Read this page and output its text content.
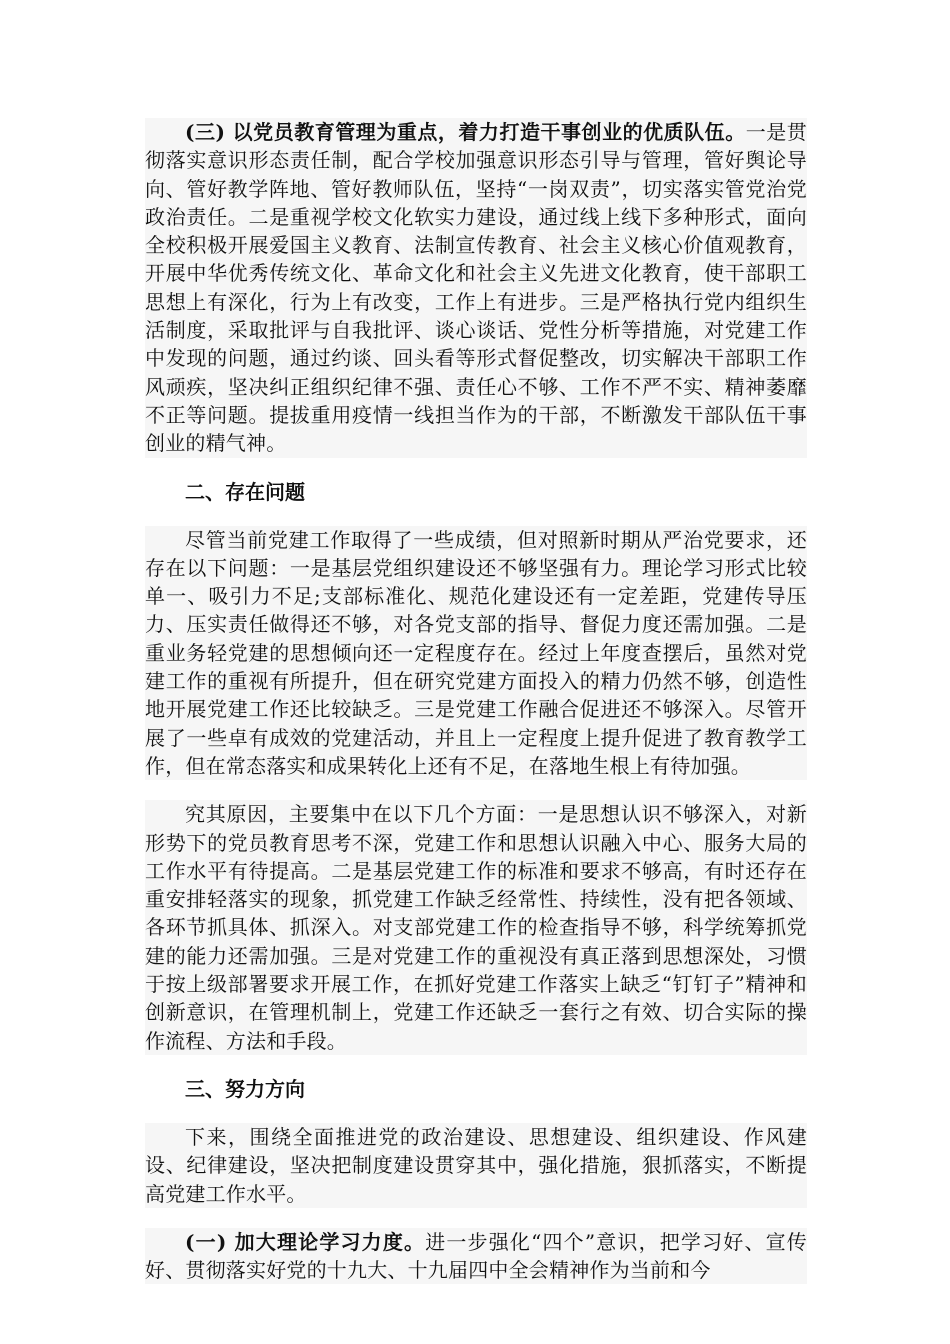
(三) 以党员教育管理为重点，着力打造干事创业的优质队伍。一是贯彻落实意识形态责任制，配合学校加强意识形态引导与管理，管好舆论导向、管好教学阵地、管好教师队伍，坚持“一岗双责”，切实落实管党治党政治责任。二是重视学校文化软实力建设，通过线上线下多种形式，面向全校积极开展爱国主义教育、法制宣传教育、社会主义核心价值观教育，开展中华优秀传统文化、革命文化和社会主义先进文化教育，使干部职工思想上有深化，行为上有改变，工作上有进步。三是严格执行党内组织生活制度，采取批评与自我批评、谈心谈话、党性分析等措施，对党建工作中发现的问题，通过约谈、回头看等形式督促整改，切实解决干部职工作风顽疾，坚决纠正组织纪律不强、责任心不够、工作不严不实、精神萎靡不正等问题。提拔重用疫情一线担当作为的干部，不断激发干部队伍干事创业的精气神。

二、存在问题

尽管当前党建工作取得了一些成绩，但对照新时期从严治党要求，还存在以下问题：一是基层党组织建设还不够坚强有力。理论学习形式比较单一、吸引力不足;支部标准化、规范化建设还有一定差距，党建传导压力、压实责任做得还不够，对各党支部的指导、督促力度还需加强。二是重业务轻党建的思想倾向还一定程度存在。经过上年度查摆后，虽然对党建工作的重视有所提升，但在研究党建方面投入的精力仍然不够，创造性地开展党建工作还比较缺乏。三是党建工作融合促进还不够深入。尽管开展了一些卓有成效的党建活动，并且上一定程度上提升促进了教育教学工作，但在常态落实和成果转化上还有不足，在落地生根上有待加强。

究其原因，主要集中在以下几个方面：一是思想认识不够深入，对新形势下的党员教育思考不深，党建工作和思想认识融入中心、服务大局的工作水平有待提高。二是基层党建工作的标准和要求不够高，有时还存在重安排轻落实的现象，抓党建工作缺乏经常性、持续性，没有把各领域、各环节抓具体、抓深入。对支部党建工作的检查指导不够，科学统筹抓党建的能力还需加强。三是对党建工作的重视没有真正落到思想深处，习惯于按上级部署要求开展工作，在抓好党建工作落实上缺乏“钉钉子”精神和创新意识，在管理机制上，党建工作还缺乏一套行之有效、切合实际的操作流程、方法和手段。

三、努力方向

下来，围绕全面推进党的政治建设、思想建设、组织建设、作风建设、纪律建设，坚决把制度建设贯穿其中，强化措施，狠抓落实，不断提高党建工作水平。

(一) 加大理论学习力度。进一步强化“四个”意识，把学习好、宣传好、贯彻落实好党的十九大、十九届四中全会精神作为当前和今
